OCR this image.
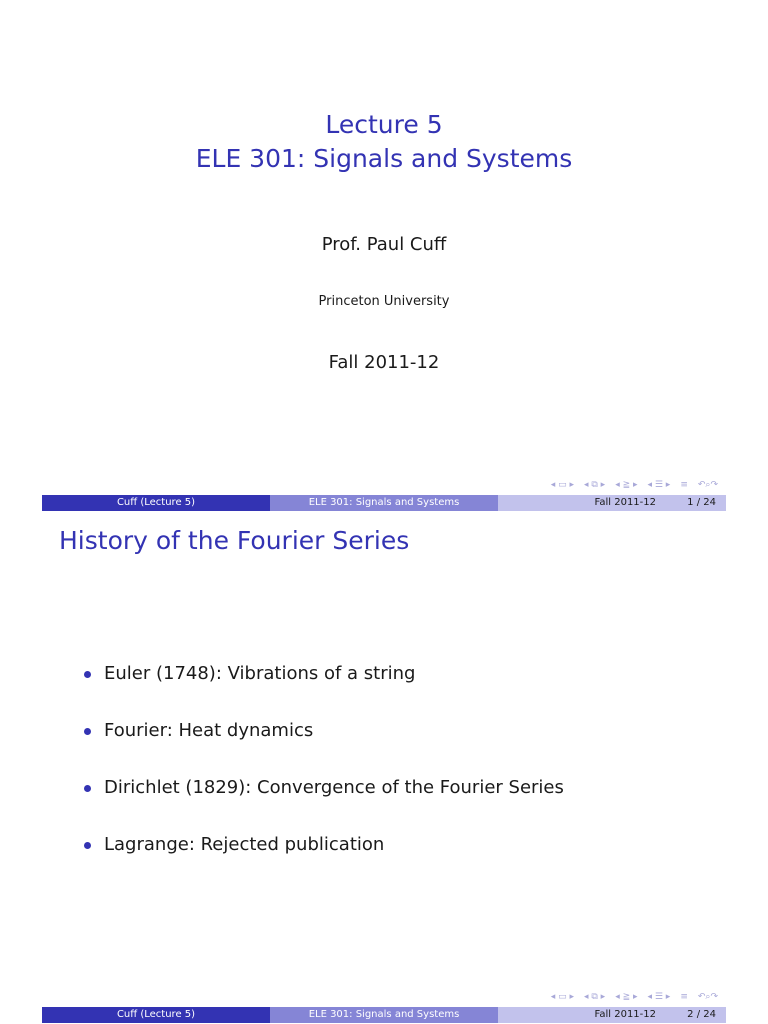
Lecture 5
ELE 301: Signals and Systems
Prof. Paul Cuff
Princeton University
Fall 2011-12
◂ ▭ ▸ ◂ ⧉ ▸ ◂ ≧ ▸ ◂ ☰ ▸ ≡ ↶⌕↷
Cuff (Lecture 5)	ELE 301: Signals and Systems	Fall 2011-12	1 / 24
History of the Fourier Series
Euler (1748): Vibrations of a string
Fourier: Heat dynamics
Dirichlet (1829): Convergence of the Fourier Series
Lagrange: Rejected publication
◂ ▭ ▸ ◂ ⧉ ▸ ◂ ≧ ▸ ◂ ☰ ▸ ≡ ↶⌕↷
Cuff (Lecture 5)	ELE 301: Signals and Systems	Fall 2011-12	2 / 24
